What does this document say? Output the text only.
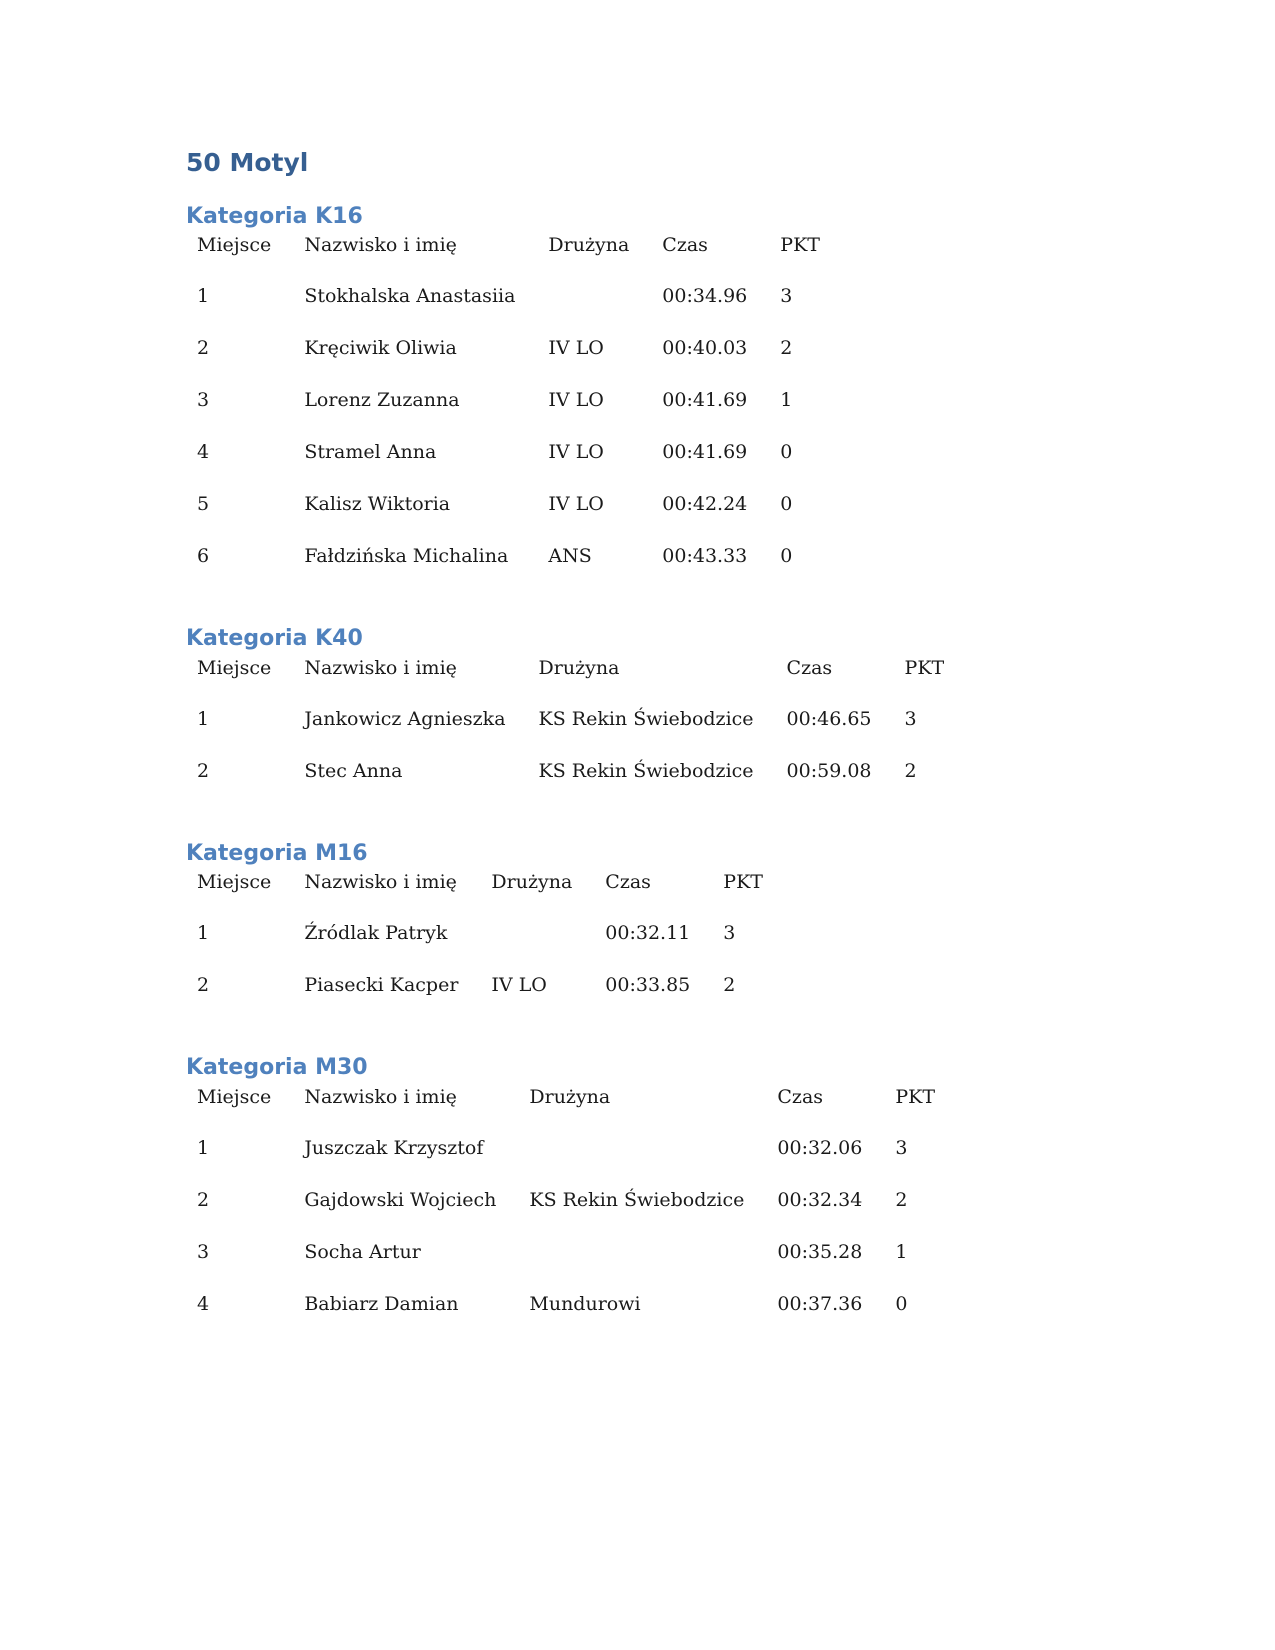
50 Motyl
Kategoria K16
Miejsce	Nazwisko i imię	Drużyna	Czas	PKT
1	Stokhalska Anastasiia		00:34.96	3
2	Kręciwik Oliwia	IV LO	00:40.03	2
3	Lorenz Zuzanna	IV LO	00:41.69	1
4	Stramel Anna	IV LO	00:41.69	0
5	Kalisz Wiktoria	IV LO	00:42.24	0
6	Fałdzińska Michalina	ANS	00:43.33	0
Kategoria K40
Miejsce	Nazwisko i imię	Drużyna	Czas	PKT
1	Jankowicz Agnieszka	KS Rekin Świebodzice	00:46.65	3
2	Stec Anna	KS Rekin Świebodzice	00:59.08	2
Kategoria M16
Miejsce	Nazwisko i imię	Drużyna	Czas	PKT
1	Źródlak Patryk		00:32.11	3
2	Piasecki Kacper	IV LO	00:33.85	2
Kategoria M30
Miejsce	Nazwisko i imię	Drużyna	Czas	PKT
1	Juszczak Krzysztof		00:32.06	3
2	Gajdowski Wojciech	KS Rekin Świebodzice	00:32.34	2
3	Socha Artur		00:35.28	1
4	Babiarz Damian	Mundurowi	00:37.36	0
